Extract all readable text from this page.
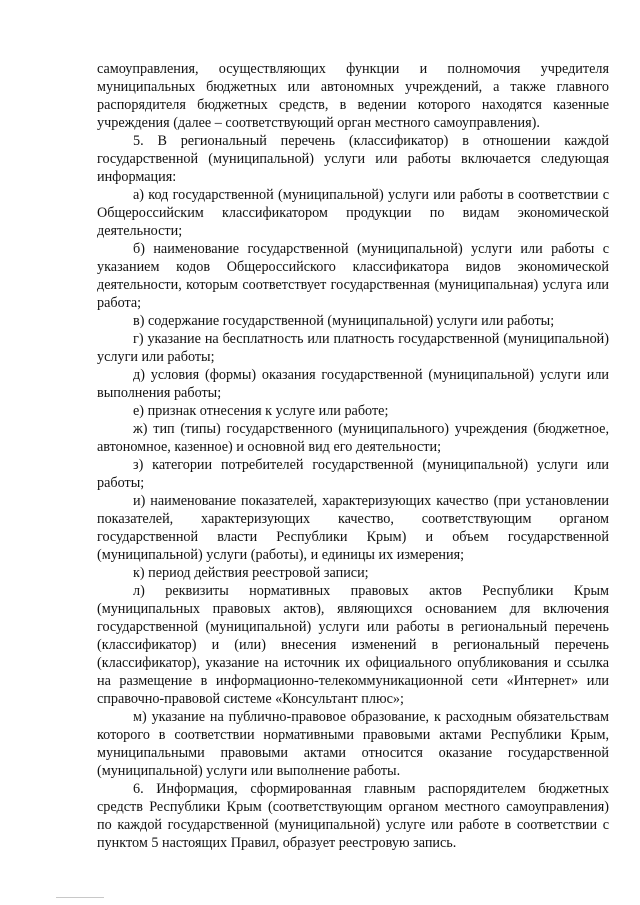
самоуправления, осуществляющих функции и полномочия учредителя муниципальных бюджетных или автономных учреждений, а также главного распорядителя бюджетных средств, в ведении которого находятся казенные учреждения (далее – соответствующий орган местного самоуправления).

5. В региональный перечень (классификатор) в отношении каждой государственной (муниципальной) услуги или работы включается следующая информация:

а) код государственной (муниципальной) услуги или работы в соответствии с Общероссийским классификатором продукции по видам экономической деятельности;

б) наименование государственной (муниципальной) услуги или работы с указанием кодов Общероссийского классификатора видов экономической деятельности, которым соответствует государственная (муниципальная) услуга или работа;

в) содержание государственной (муниципальной) услуги или работы;

г) указание на бесплатность или платность государственной (муниципальной) услуги или работы;

д) условия (формы) оказания государственной (муниципальной) услуги или выполнения работы;

е) признак отнесения к услуге или работе;

ж) тип (типы) государственного (муниципального) учреждения (бюджетное, автономное, казенное) и основной вид его деятельности;

з) категории потребителей государственной (муниципальной) услуги или работы;

и) наименование показателей, характеризующих качество (при установлении показателей, характеризующих качество, соответствующим органом государственной власти Республики Крым) и объем государственной (муниципальной) услуги (работы), и единицы их измерения;

к) период действия реестровой записи;

л) реквизиты нормативных правовых актов Республики Крым (муниципальных правовых актов), являющихся основанием для включения государственной (муниципальной) услуги или работы в региональный перечень (классификатор) и (или) внесения изменений в региональный перечень (классификатор), указание на источник их официального опубликования и ссылка на размещение в информационно-телекоммуникационной сети «Интернет» или справочно-правовой системе «Консультант плюс»;

м) указание на публично-правовое образование, к расходным обязательствам которого в соответствии нормативными правовыми актами Республики Крым, муниципальными правовыми актами относится оказание государственной (муниципальной) услуги или выполнение работы.

6. Информация, сформированная главным распорядителем бюджетных средств Республики Крым (соответствующим органом местного самоуправления) по каждой государственной (муниципальной) услуге или работе в соответствии с пунктом 5 настоящих Правил, образует реестровую запись.
